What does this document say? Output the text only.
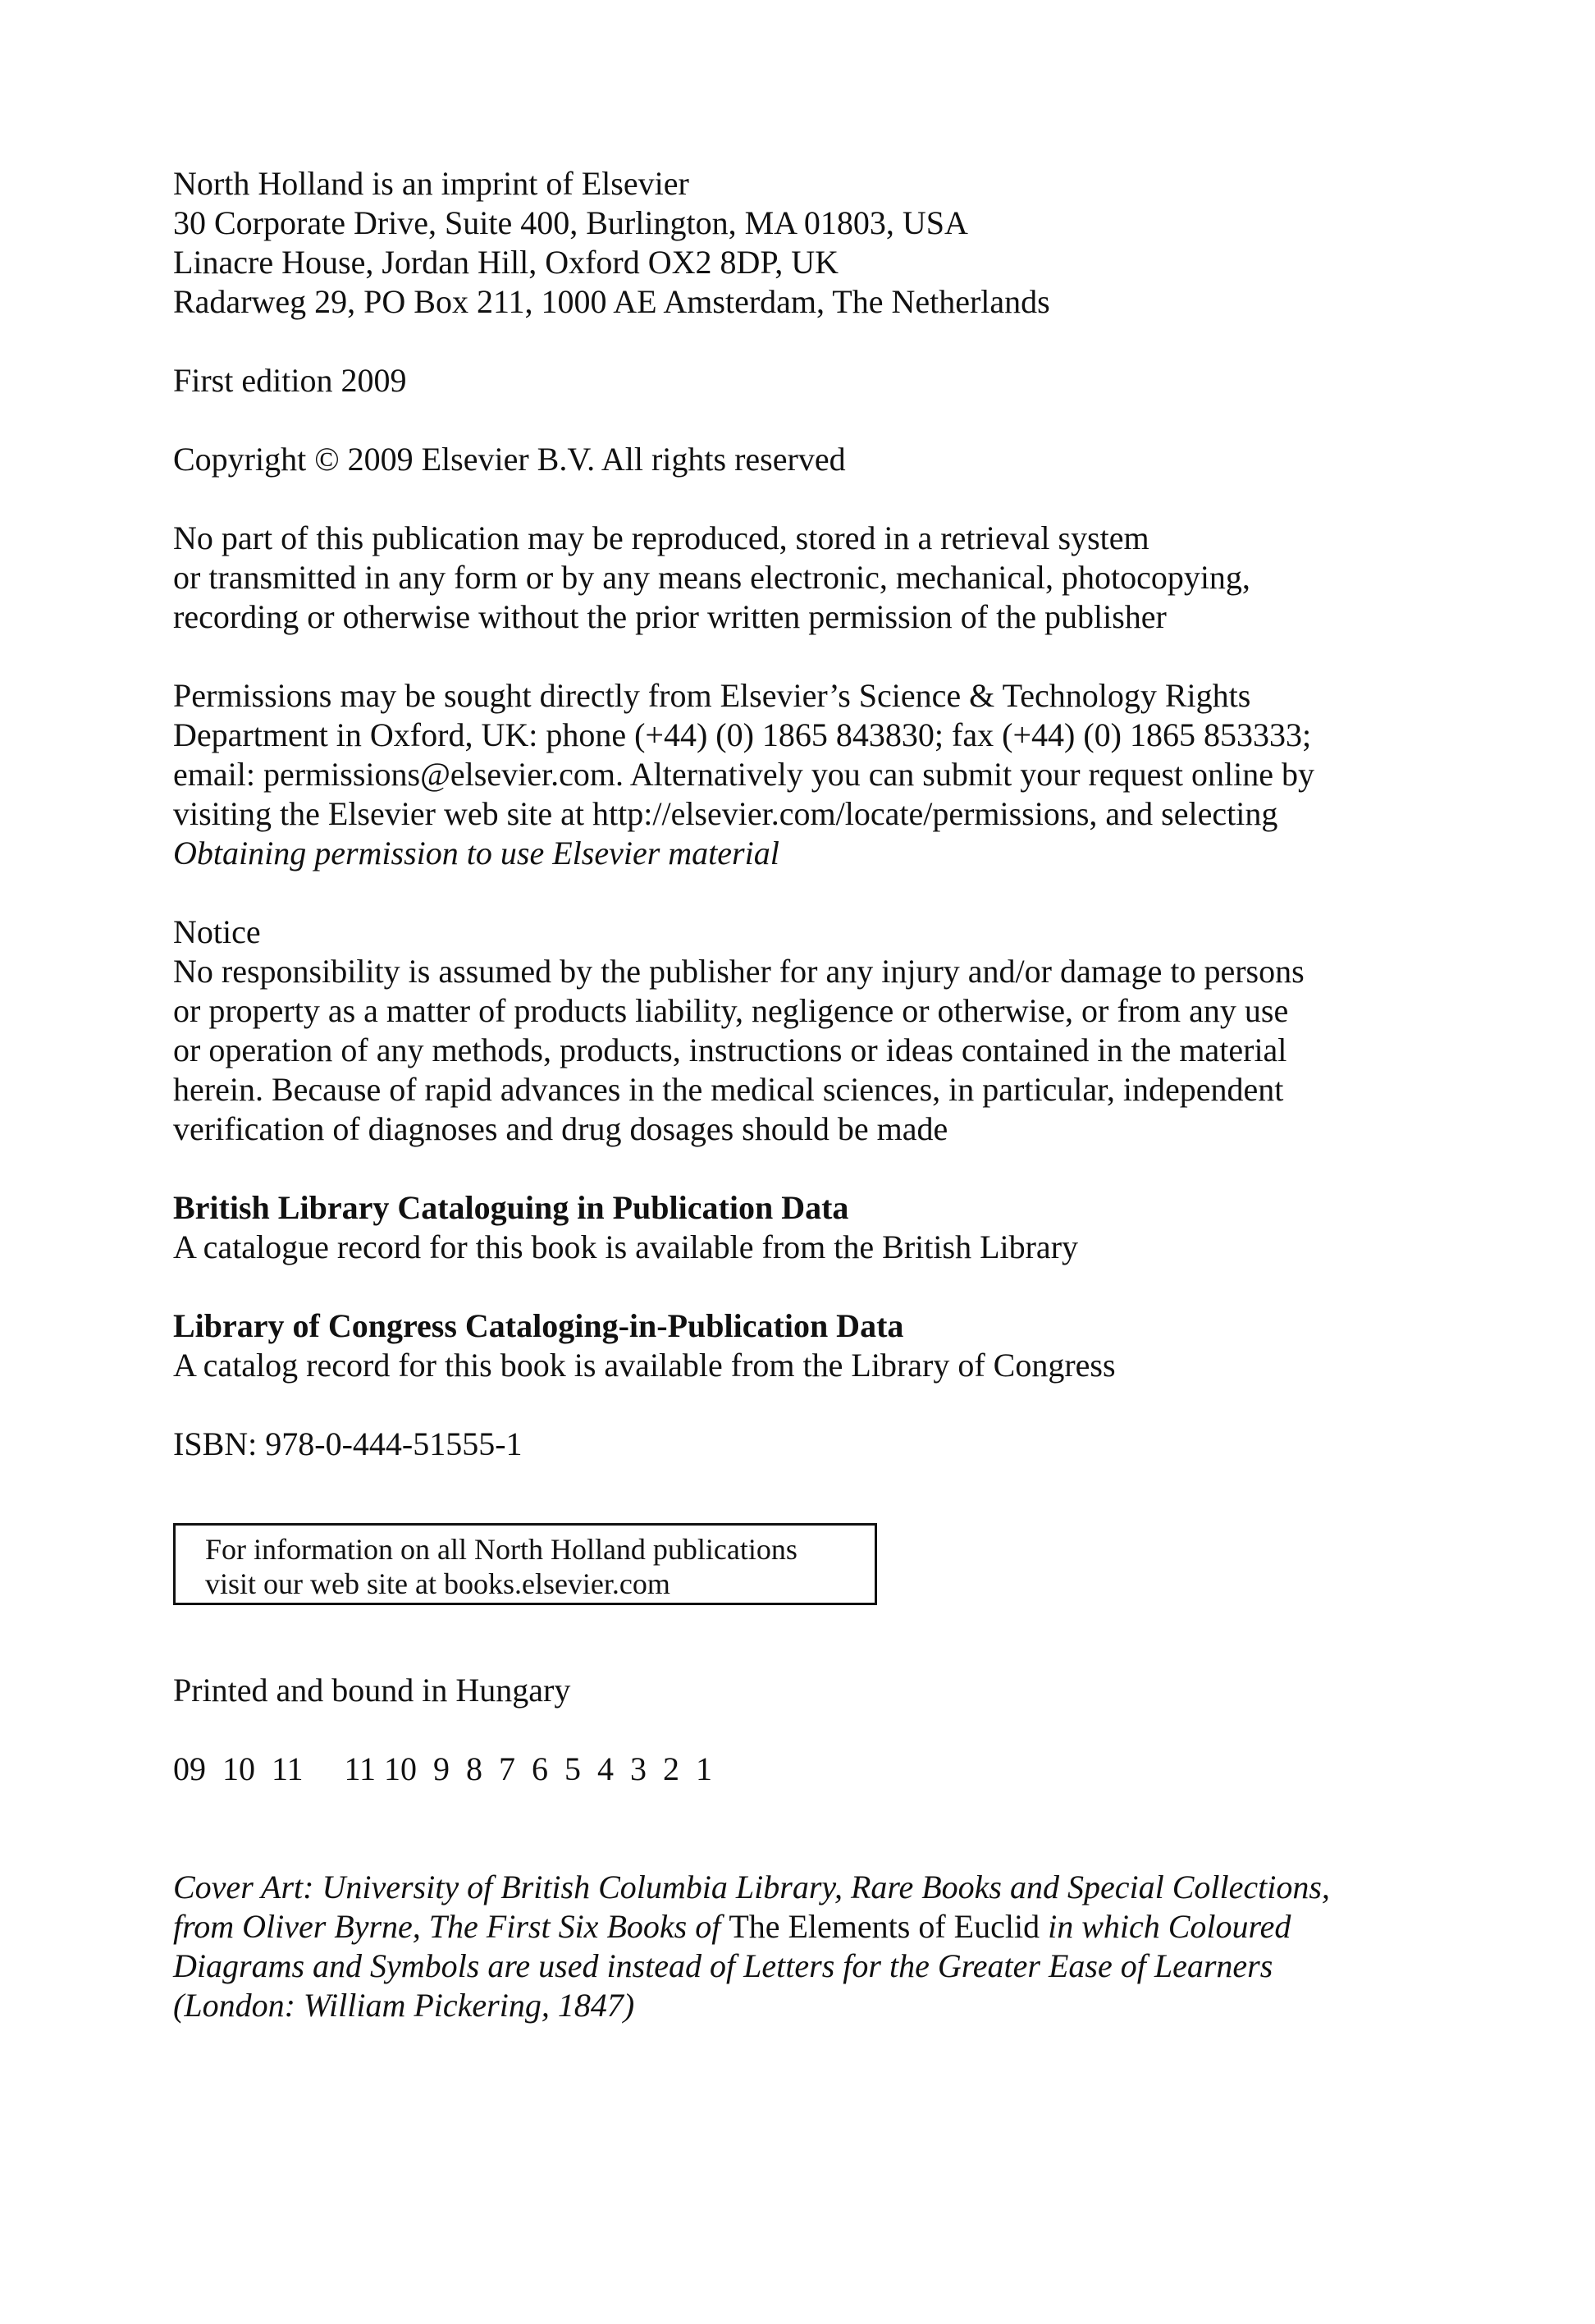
North Holland is an imprint of Elsevier
30 Corporate Drive, Suite 400, Burlington, MA 01803, USA
Linacre House, Jordan Hill, Oxford OX2 8DP, UK
Radarweg 29, PO Box 211, 1000 AE Amsterdam, The Netherlands
First edition 2009
Copyright © 2009 Elsevier B.V. All rights reserved
No part of this publication may be reproduced, stored in a retrieval system
or transmitted in any form or by any means electronic, mechanical, photocopying,
recording or otherwise without the prior written permission of the publisher
Permissions may be sought directly from Elsevier’s Science & Technology Rights
Department in Oxford, UK: phone (+44) (0) 1865 843830; fax (+44) (0) 1865 853333;
email: permissions@elsevier.com. Alternatively you can submit your request online by
visiting the Elsevier web site at http://elsevier.com/locate/permissions, and selecting
Obtaining permission to use Elsevier material
Notice
No responsibility is assumed by the publisher for any injury and/or damage to persons
or property as a matter of products liability, negligence or otherwise, or from any use
or operation of any methods, products, instructions or ideas contained in the material
herein. Because of rapid advances in the medical sciences, in particular, independent
verification of diagnoses and drug dosages should be made
British Library Cataloguing in Publication Data
A catalogue record for this book is available from the British Library
Library of Congress Cataloging-in-Publication Data
A catalog record for this book is available from the Library of Congress
ISBN: 978-0-444-51555-1
For information on all North Holland publications
visit our web site at books.elsevier.com
Printed and bound in Hungary
09  10  11     11 10  9  8  7  6  5  4  3  2  1
Cover Art: University of British Columbia Library, Rare Books and Special Collections,
from Oliver Byrne, The First Six Books of The Elements of Euclid in which Coloured
Diagrams and Symbols are used instead of Letters for the Greater Ease of Learners
(London: William Pickering, 1847)
